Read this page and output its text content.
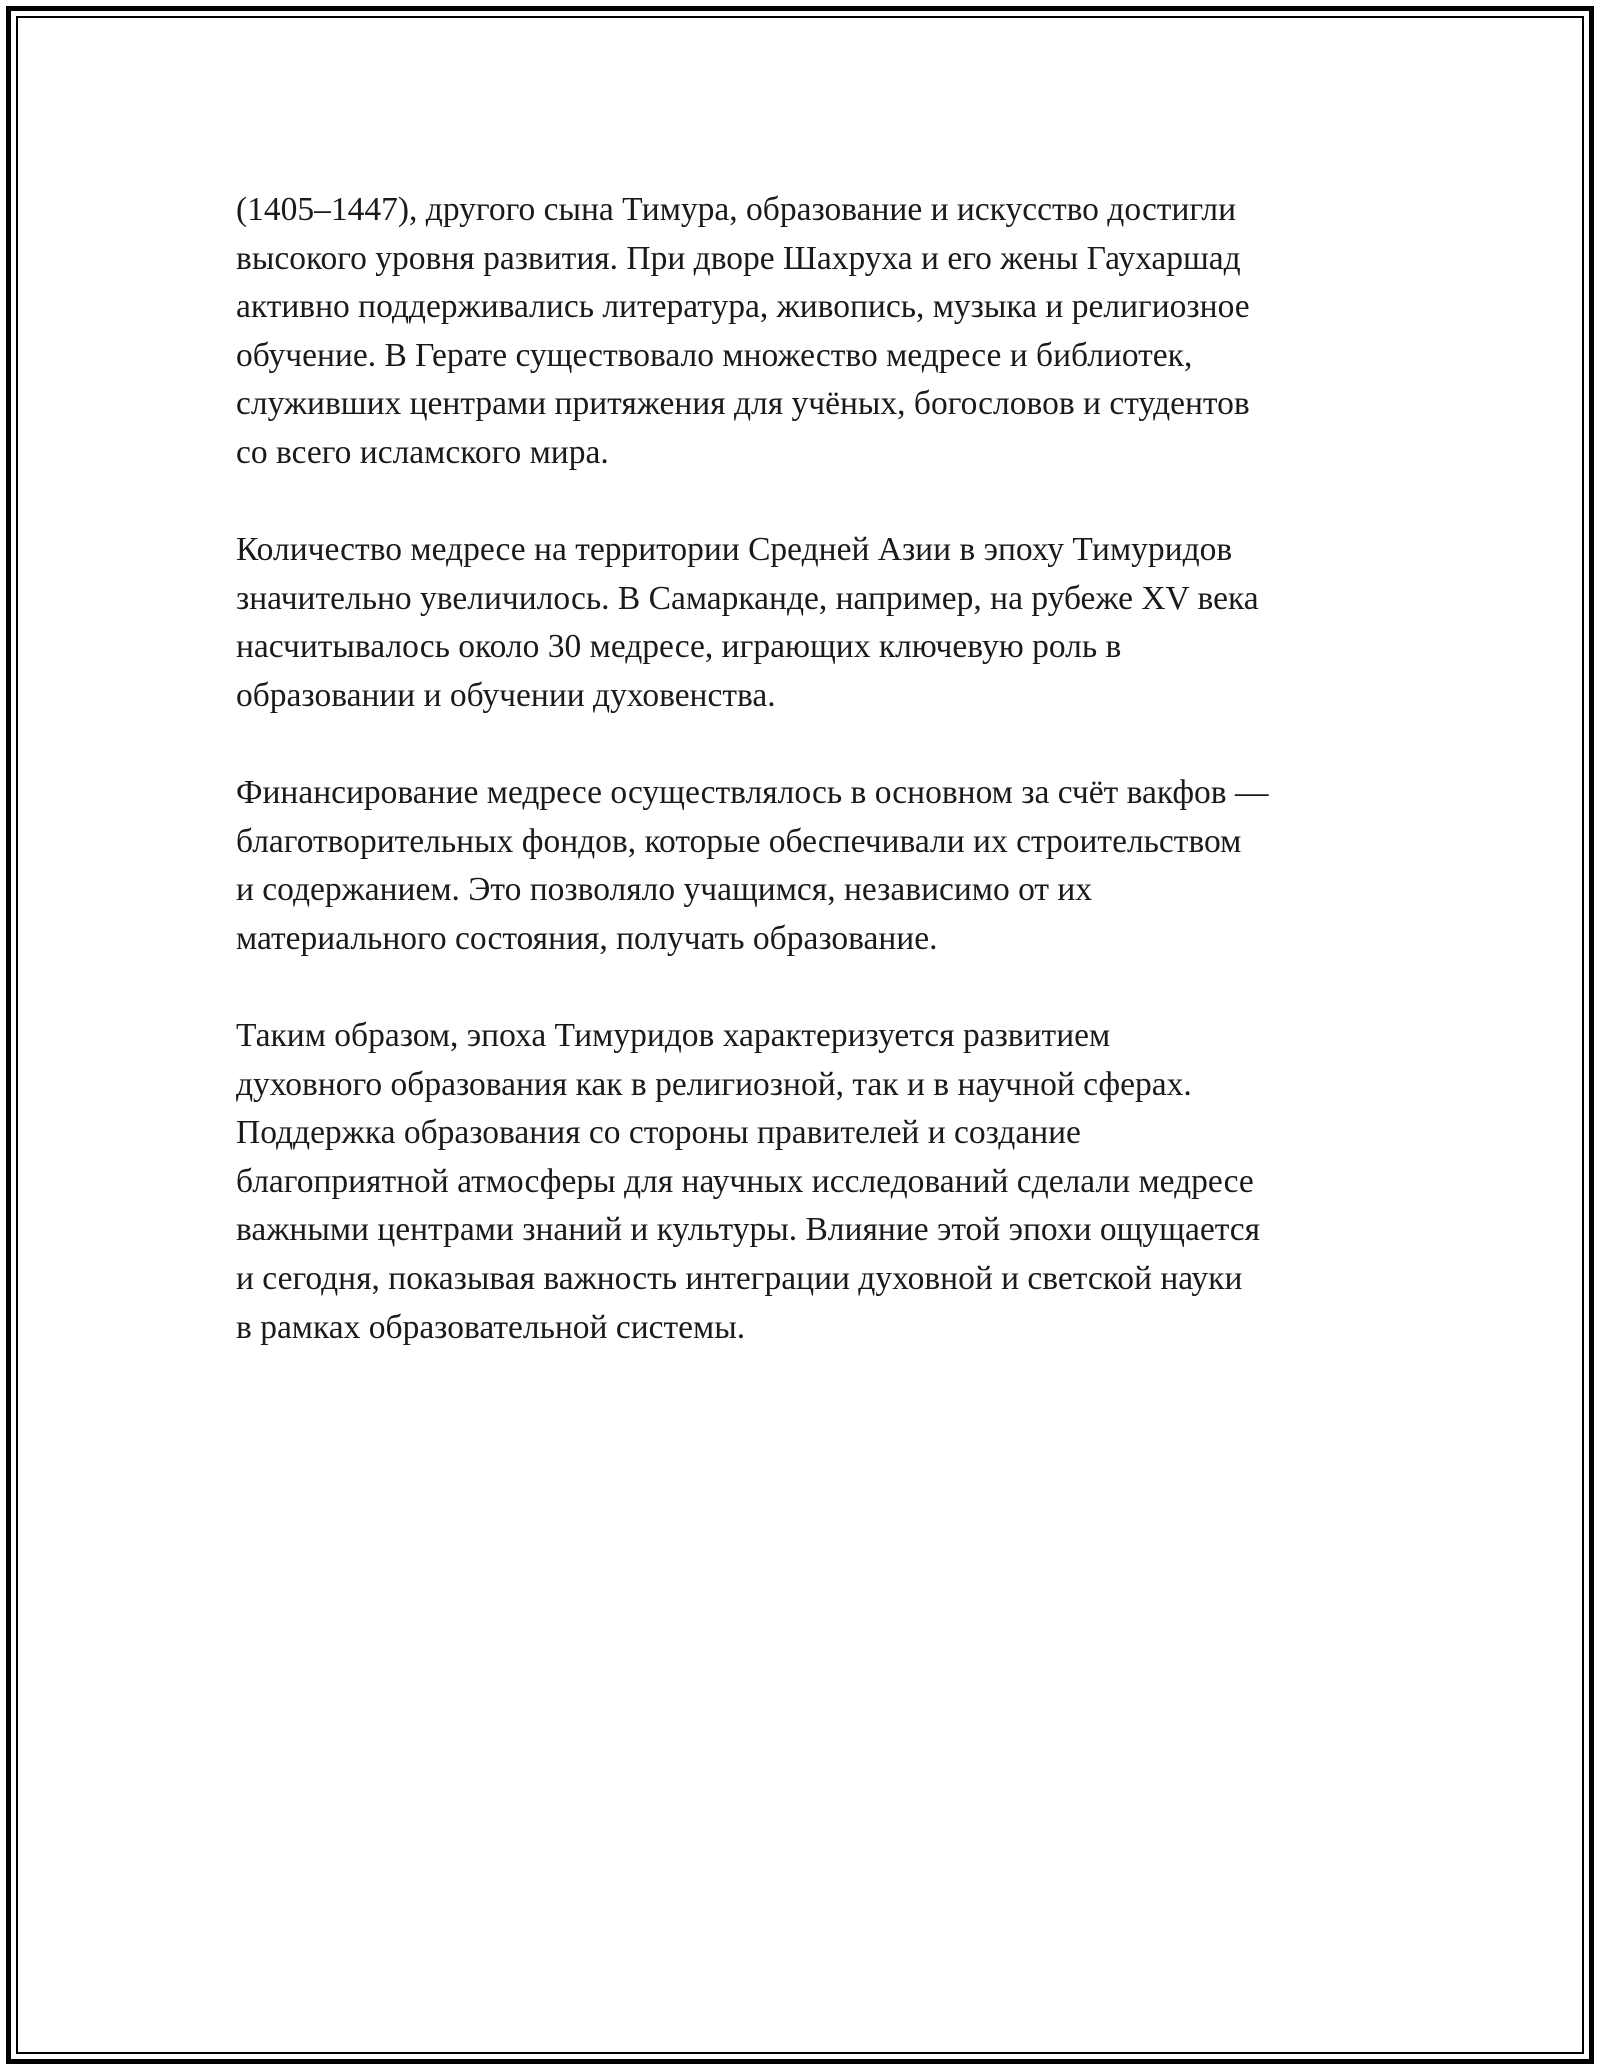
(1405–1447), другого сына Тимура, образование и искусство достигли
высокого уровня развития. При дворе Шахруха и его жены Гаухаршад
активно поддерживались литература, живопись, музыка и религиозное
обучение. В Герате существовало множество медресе и библиотек,
служивших центрами притяжения для учёных, богословов и студентов
со всего исламского мира.

Количество медресе на территории Средней Азии в эпоху Тимуридов
значительно увеличилось. В Самарканде, например, на рубеже XV века
насчитывалось около 30 медресе, играющих ключевую роль в
образовании и обучении духовенства.

Финансирование медресе осуществлялось в основном за счёт вакфов —
благотворительных фондов, которые обеспечивали их строительством
и содержанием. Это позволяло учащимся, независимо от их
материального состояния, получать образование.

Таким образом, эпоха Тимуридов характеризуется развитием
духовного образования как в религиозной, так и в научной сферах.
Поддержка образования со стороны правителей и создание
благоприятной атмосферы для научных исследований сделали медресе
важными центрами знаний и культуры. Влияние этой эпохи ощущается
и сегодня, показывая важность интеграции духовной и светской науки
в рамках образовательной системы.
